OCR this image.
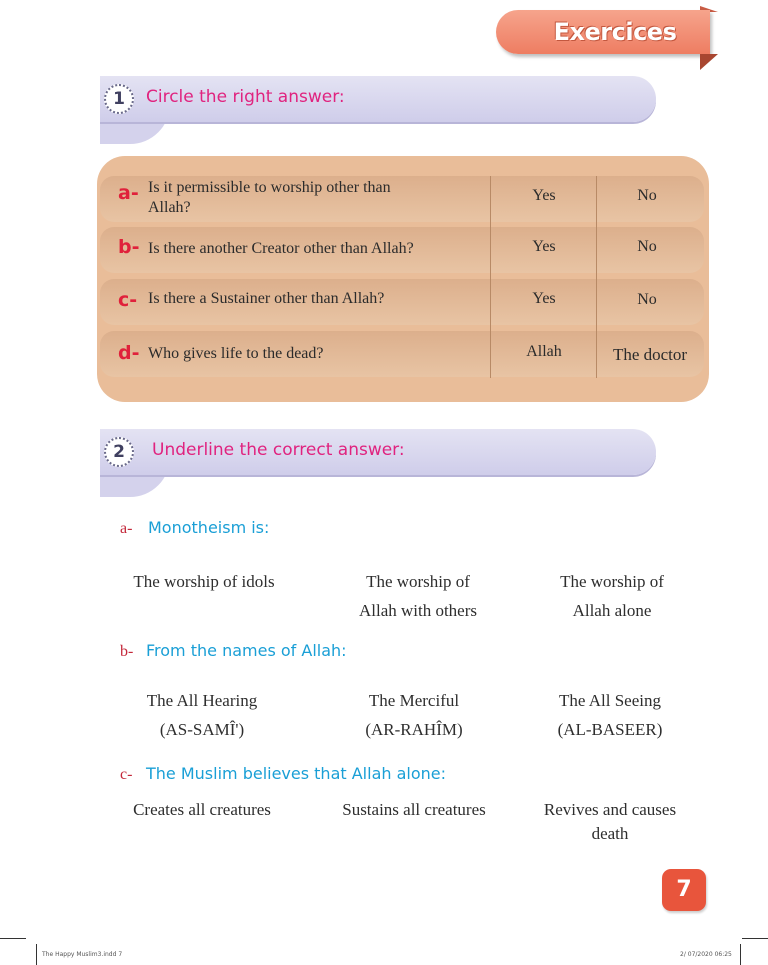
Exercices
1	Circle the right answer:
a- Is it permissible to worship other than
Allah?
Yes	No
b- Is there another Creator other than Allah?	Yes	No
c- Is there a Sustainer other than Allah?	Yes	No
d- Who gives life to the dead?	Allah	The doctor
2	Underline the correct answer:
a- Monotheism is:
The worship of idols	The worship of
Allah with others
The worship of
Allah alone
b- From the names of Allah:
The All Hearing
(AS-SAMÎ')
The Merciful
(AR-RAHÎM)
The All Seeing
(AL-BASEER)
c- The Muslim believes that Allah alone:
Creates all creatures	Sustains all creatures	Revives and causes
death
7
The Happy Muslim3.indd 7	2/ 07/2020 06:25
